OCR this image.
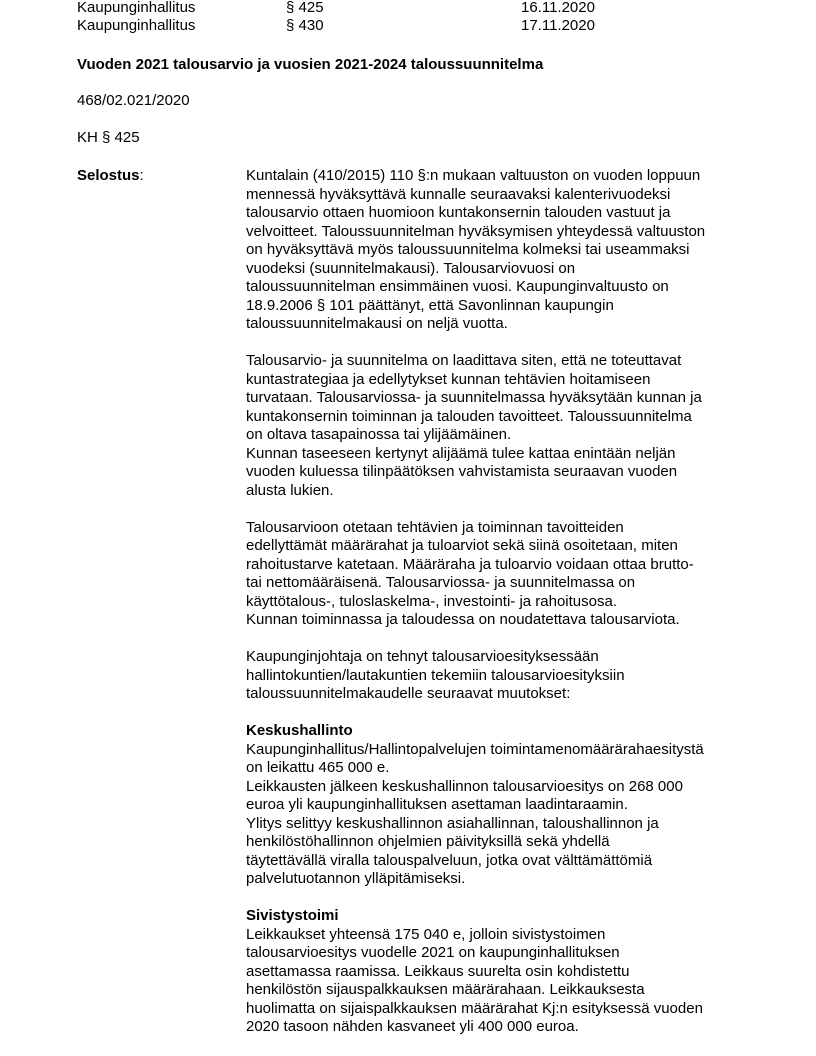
Kaupunginhallitus	§ 425	16.11.2020
Kaupunginhallitus	§ 430	17.11.2020
Vuoden 2021 talousarvio ja vuosien 2021-2024 taloussuunnitelma
468/02.021/2020
KH § 425
Selostus:	Kuntalain (410/2015) 110 §:n mukaan valtuuston on vuoden loppuun
mennessä hyväksyttävä kunnalle seuraavaksi kalenterivuodeksi
talousarvio ottaen huomioon kuntakonsernin talouden vastuut ja
velvoitteet. Taloussuunnitelman hyväksymisen yhteydessä valtuuston
on hyväksyttävä myös taloussuunnitelma kolmeksi tai useammaksi
vuodeksi (suunnitelmakausi). Talousarviovuosi on
taloussuunnitelman ensimmäinen vuosi. Kaupunginvaltuusto on
18.9.2006 § 101 päättänyt, että Savonlinnan kaupungin
taloussuunnitelmakausi on neljä vuotta.

Talousarvio- ja suunnitelma on laadittava siten, että ne toteuttavat
kuntastrategiaa ja edellytykset kunnan tehtävien hoitamiseen
turvataan. Talousarviossa- ja suunnitelmassa hyväksytään kunnan ja
kuntakonsernin toiminnan ja talouden tavoitteet. Taloussuunnitelma
on oltava tasapainossa tai ylijäämäinen.
Kunnan taseeseen kertynyt alijäämä tulee kattaa enintään neljän
vuoden kuluessa tilinpäätöksen vahvistamista seuraavan vuoden
alusta lukien.

Talousarvioon otetaan tehtävien ja toiminnan tavoitteiden
edellyttämät määrärahat ja tuloarviot sekä siinä osoitetaan, miten
rahoitustarve katetaan. Määräraha ja tuloarvio voidaan ottaa brutto-
tai nettomääräisenä. Talousarviossa- ja suunnitelmassa on
käyttötalous-, tuloslaskelma-, investointi- ja rahoitusosa.
Kunnan toiminnassa ja taloudessa on noudatettava talousarviota.

Kaupunginjohtaja on tehnyt talousarvioesityksessään
hallintokuntien/lautakuntien tekemiin talousarvioesityksiin
taloussuunnitelmakaudelle seuraavat muutokset:

Keskushallinto
Kaupunginhallitus/Hallintopalvelujen toimintamenomäärärahaesitystä
on leikattu 465 000 e.
Leikkausten jälkeen keskushallinnon talousarvioesitys on 268 000
euroa yli kaupunginhallituksen asettaman laadintaraamin.
Ylitys selittyy keskushallinnon asiahallinnan, taloushallinnon ja
henkilöstöhallinnon ohjelmien päivityksillä sekä yhdellä
täytettävällä viralla talouspalveluun, jotka ovat välttämättömiä
palvelutuotannon ylläpitämiseksi.
Sivistystoimi
Leikkaukset yhteensä 175 040 e, jolloin sivistystoimen
talousarvioesitys vuodelle 2021 on kaupunginhallituksen
asettamassa raamissa. Leikkaus suurelta osin kohdistettu
henkilöstön sijauspalkkauksen määrärahaan. Leikkauksesta
huolimatta on sijaispalkkauksen määrärahat Kj:n esityksessä vuoden
2020 tasoon nähden kasvaneet yli 400 000 euroa.
